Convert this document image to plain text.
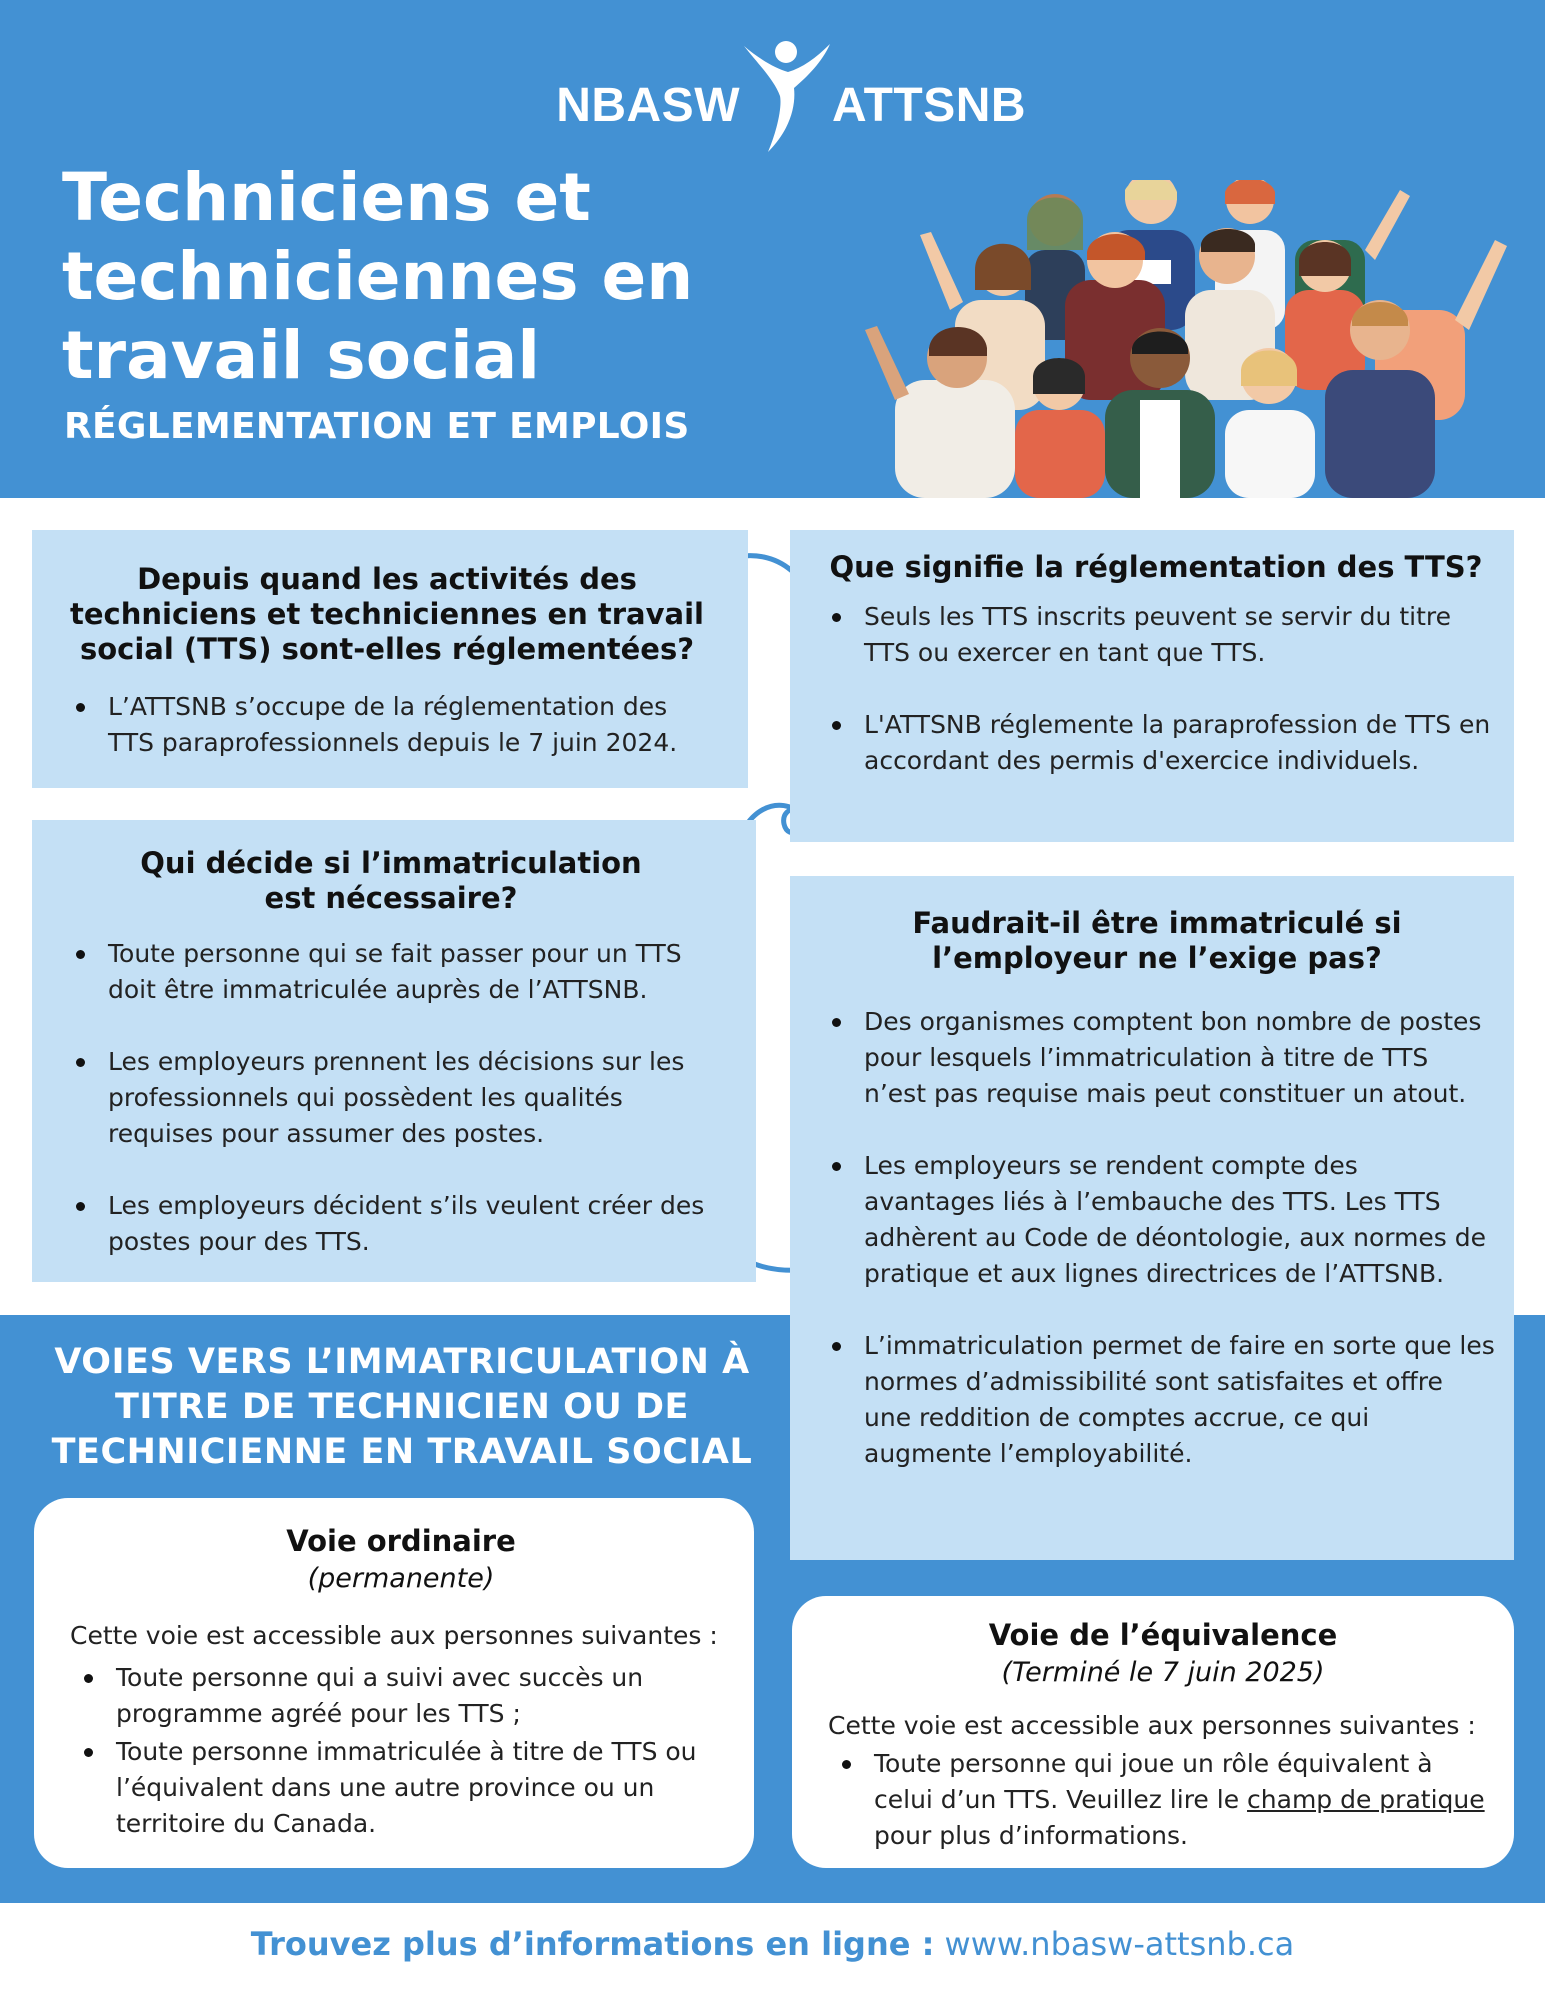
NBASW ATTSNB
Techniciens et techniciennes en travail social
RÉGLEMENTATION ET EMPLOIS
Depuis quand les activités des techniciens et techniciennes en travail social (TTS) sont-elles réglementées?
L’ATTSNB s’occupe de la réglementation des TTS paraprofessionnels depuis le 7 juin 2024.
Que signifie la réglementation des TTS?
Seuls les TTS inscrits peuvent se servir du titre TTS ou exercer en tant que TTS.
L'ATTSNB réglemente la paraprofession de TTS en accordant des permis d'exercice individuels.
Qui décide si l’immatriculation est nécessaire?
Toute personne qui se fait passer pour un TTS doit être immatriculée auprès de l’ATTSNB.
Les employeurs prennent les décisions sur les professionnels qui possèdent les qualités requises pour assumer des postes.
Les employeurs décident s’ils veulent créer des postes pour des TTS.
VOIES VERS L’IMMATRICULATION À TITRE DE TECHNICIEN OU DE TECHNICIENNE EN TRAVAIL SOCIAL
Faudrait-il être immatriculé si l’employeur ne l’exige pas?
Des organismes comptent bon nombre de postes pour lesquels l’immatriculation à titre de TTS n’est pas requise mais peut constituer un atout.
Les employeurs se rendent compte des avantages liés à l’embauche des TTS. Les TTS adhèrent au Code de déontologie, aux normes de pratique et aux lignes directrices de l’ATTSNB.
L’immatriculation permet de faire en sorte que les normes d’admissibilité sont satisfaites et offre une reddition de comptes accrue, ce qui augmente l’employabilité.
Voie ordinaire
(permanente)
Cette voie est accessible aux personnes suivantes :
Toute personne qui a suivi avec succès un programme agréé pour les TTS ;
Toute personne immatriculée à titre de TTS ou l’équivalent dans une autre province ou un territoire du Canada.
Voie de l’équivalence
(Terminé le 7 juin 2025)
Cette voie est accessible aux personnes suivantes :
Toute personne qui joue un rôle équivalent à celui d’un TTS. Veuillez lire le champ de pratique pour plus d’informations.
Trouvez plus d’informations en ligne : www.nbasw-attsnb.ca
